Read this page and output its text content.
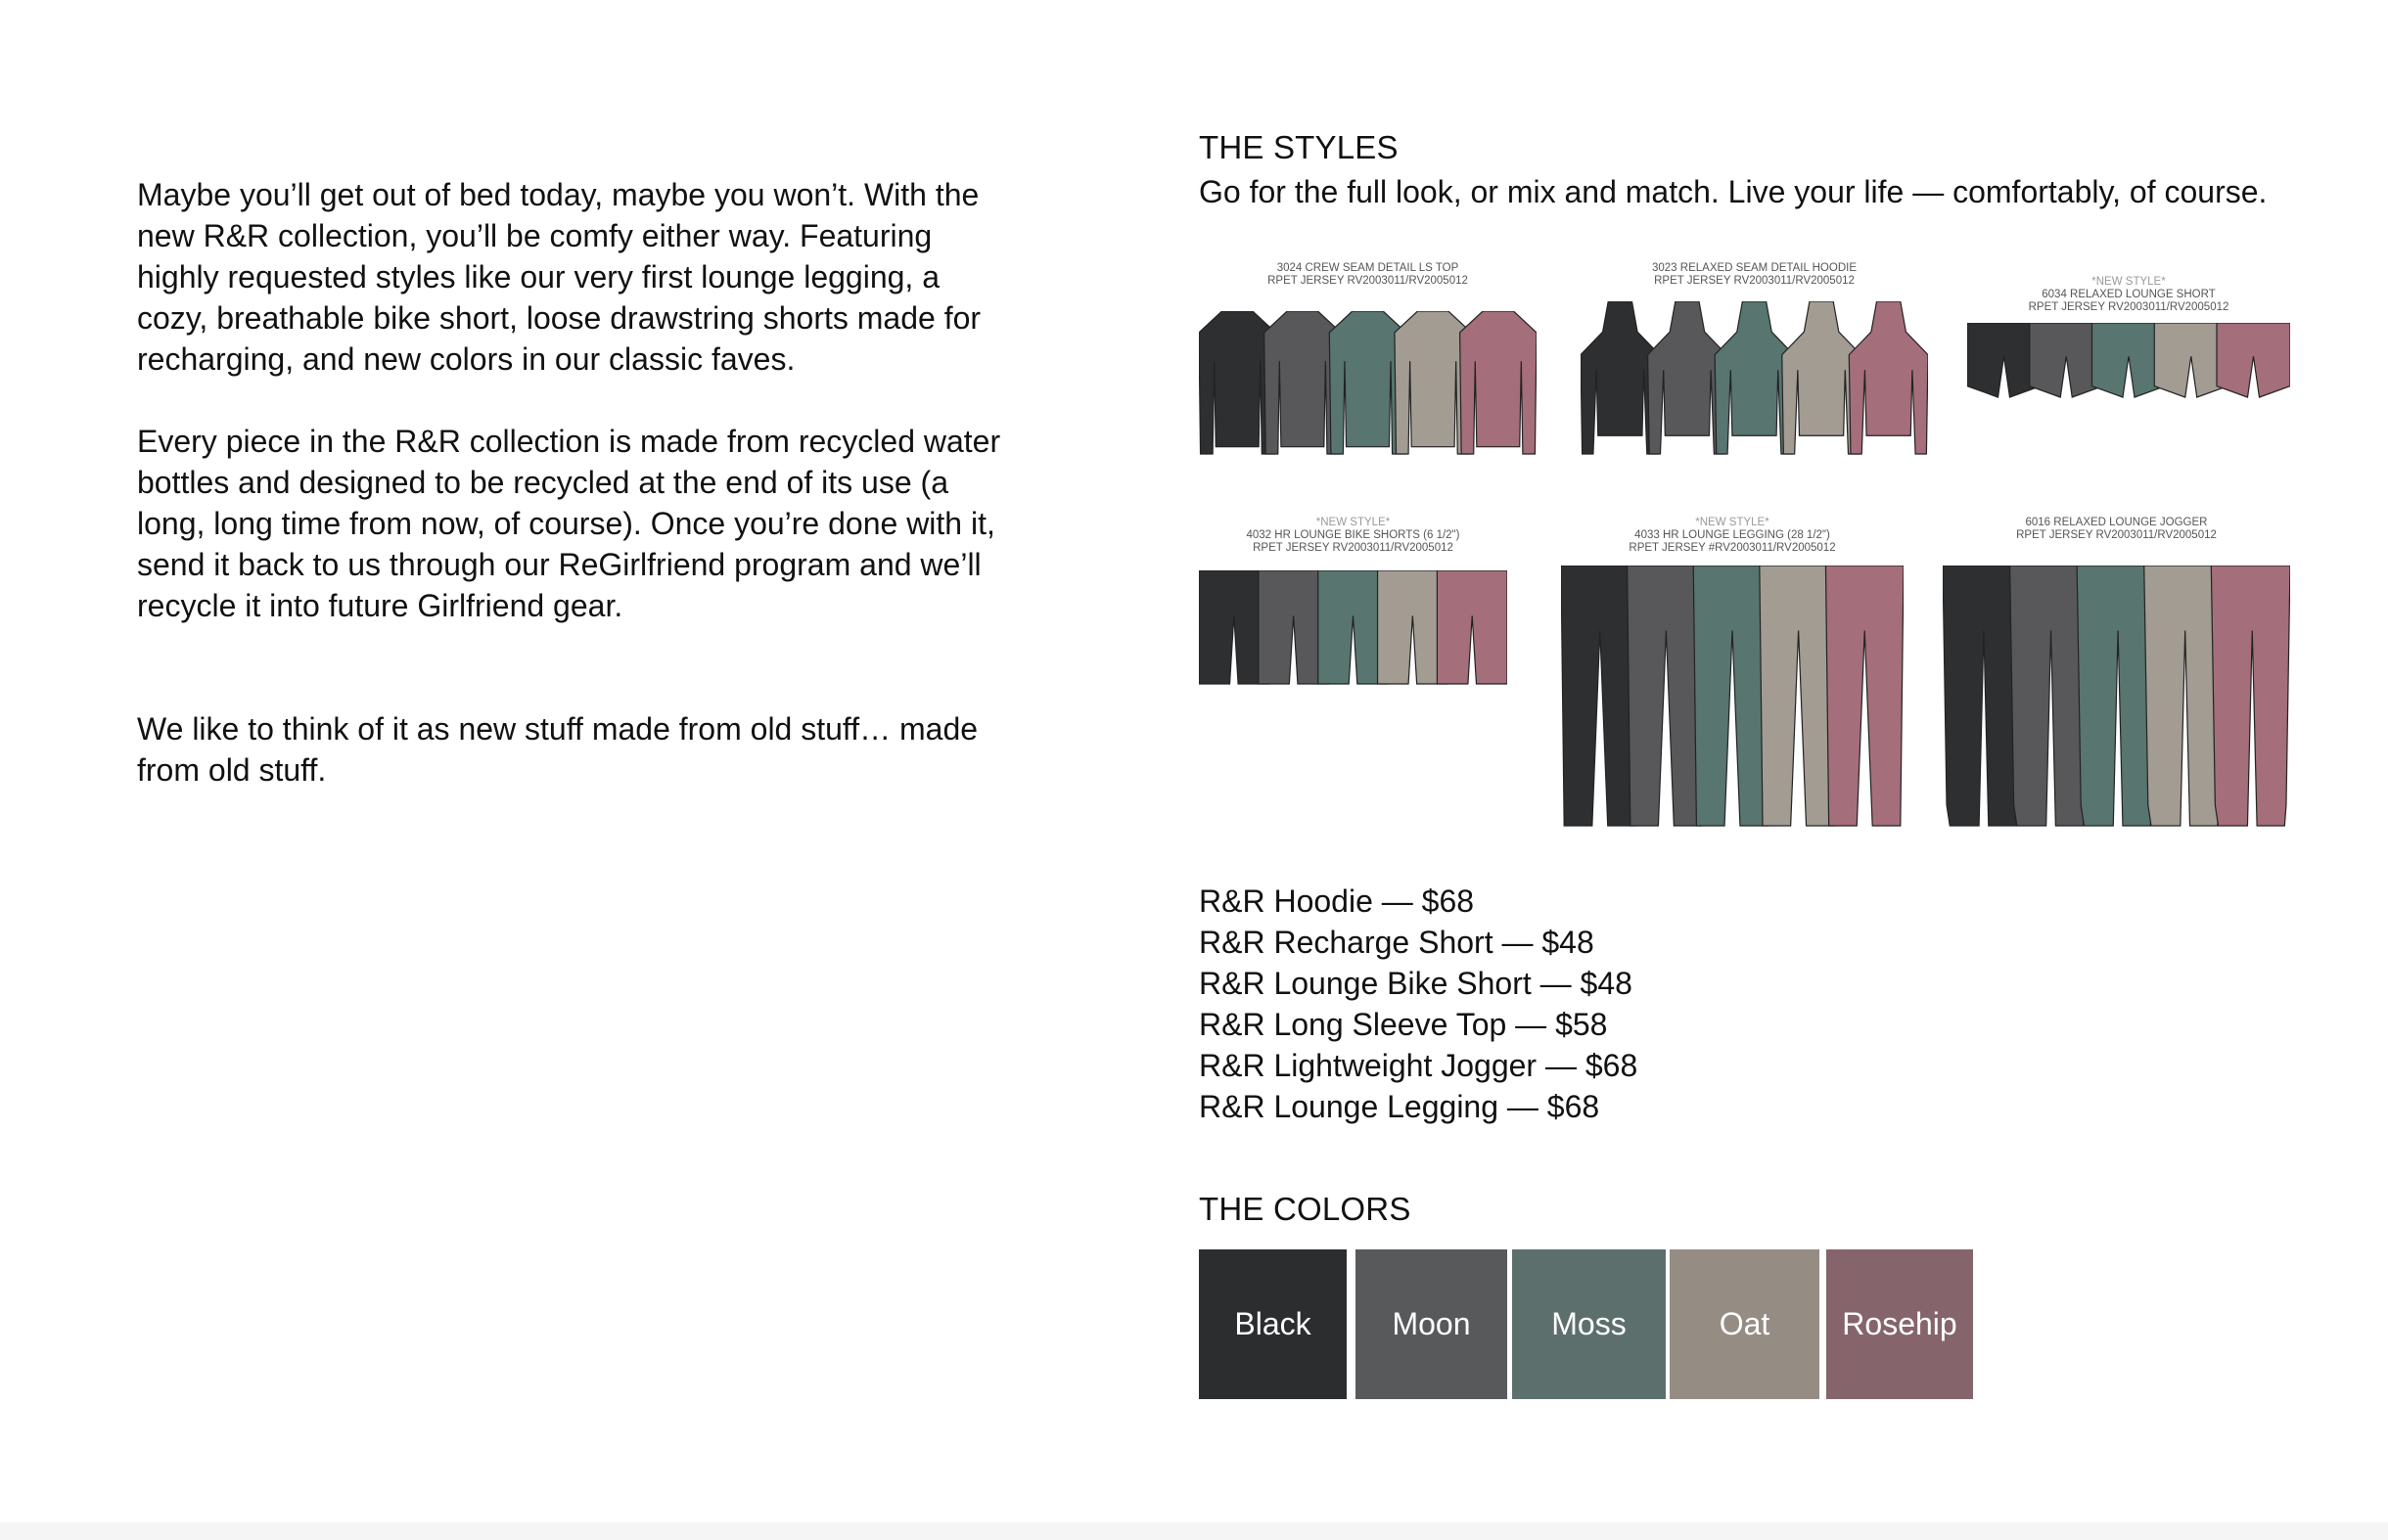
Maybe you’ll get out of bed today, maybe you won’t. With the new R&R collection, you’ll be comfy either way. Featuring highly requested styles like our very first lounge legging, a cozy, breathable bike short, loose drawstring shorts made for recharging, and new colors in our classic faves.

Every piece in the R&R collection is made from recycled water bottles and designed to be recycled at the end of its use (a long, long time from now, of course). Once you’re done with it, send it back to us through our ReGirlfriend program and we’ll recycle it into future Girlfriend gear.

We like to think of it as new stuff made from old stuff… made from old stuff.

THE STYLES
Go for the full look, or mix and match. Live your life — comfortably, of course.
3024 CREW SEAM DETAIL LS TOP
RPET JERSEY RV2003011/RV2005012
3023 RELAXED SEAM DETAIL HOODIE
RPET JERSEY RV2003011/RV2005012	*NEW STYLE*
6034 RELAXED LOUNGE SHORT
RPET JERSEY RV2003011/RV2005012
*NEW STYLE*
4032 HR LOUNGE BIKE SHORTS (6 1/2")
RPET JERSEY RV2003011/RV2005012
*NEW STYLE*
4033 HR LOUNGE LEGGING (28 1/2")
RPET JERSEY #RV2003011/RV2005012
6016 RELAXED LOUNGE JOGGER
RPET JERSEY RV2003011/RV2005012
R&R Hoodie — $68
R&R Recharge Short — $48
R&R Lounge Bike Short — $48
R&R Long Sleeve Top — $58
R&R Lightweight Jogger — $68
R&R Lounge Legging — $68
THE COLORS
Black	Moon	Moss	Oat	Rosehip
